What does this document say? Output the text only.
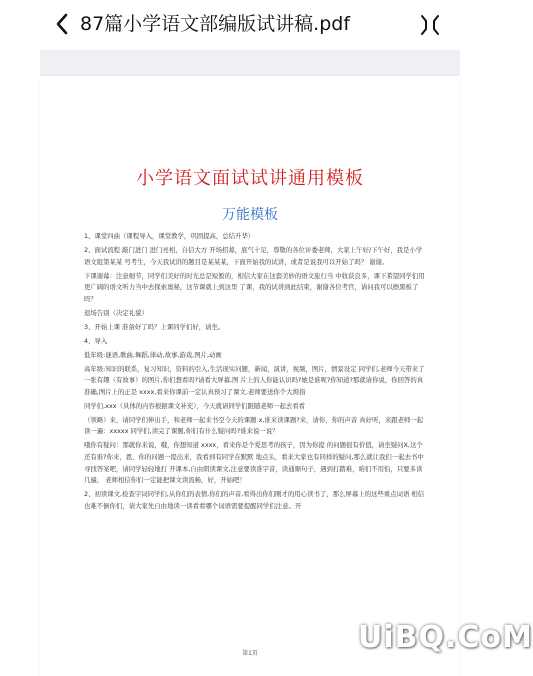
87篇小学语文部编版试讲稿.pdf
小学语文面试试讲通用模板
万能模板

1、课堂四曲（课程导入，课堂教学，巩固提高，总结升华）

2、面试流程 敲门进门 进门亮相，自信大方 开场招募，底气十足，尊敬的各位评委老师，大家上午好/下午好，我是小学语文组第某某 号考生，今天我试讲的题目是某某某，下面开始我的试讲，或者是说我可以开始了吗？ 谢谢。

下课谢幕：注意细节，同学们美好的时光总是短暂的，相信大家在这套美妙的语文旅行当 中收获良多，课下希望同学们用更广阔的语文听力当中去探索奥秘，这节课就上到这里 了课，我的试讲到此结束，谢谢各位考官，请问我可以擦黑板了吗？

退场告别（决定礼貌）

3、开始上课 准备好了吗？上课同学们好，请坐。

4、导入

低年级:谜语,歌曲,舞蹈,律动,故事,游戏,图片,动画

高年级:知识的联系，复习知识，资料的引入,生活现实问题，新闻，演讲，视频，图片，情景设定 同学们,老师今天带来了一张有趣（有故事）的图片,你们想看吗?请看大屏幕,图 片上的人你能认识吗?她是谁呢?你知道?那就请你说，你回答的真准确,图片上的正是 xxxx,看来你课前一定认真预习了课文,老师要送你个大拇指

同学们,xxx（具体的内容根据课文补充），今天就请同学们跟随老师一起去看看

（领略）来，请同学们伸出手，和老师一起来书空今天的课题 x,谁来读课题?来，请你，你的声音 真好听，来跟老师一起读一遍：xxxxx 同学们,读完了课题,你们有什么疑问吗?谁来说一说？

哦你有疑问：那就你来说，哦，你想知道 xxxx，看来你是个爱思考的孩子，因为你提 的问题很有价值，请坐疑问X,这个还有谁?你来，恩，你的问题一提出来，我看到有同学在默默 地点头，看来大家也有同样的疑问,那么就让我们一起去书中寻找答案吧，请同学轻轻地打 开课本,自由朗读课文,注意要读准字音，读通顺句子，遇到打踏难，咱们不用怕，只要多读几遍， 老师相信你们一定能把课文读流畅，好，开始吧！

2、初读课文,检查字词同学们,从你们的表情,你们的声音,看得出你们刚才的用心读书了，那么屏幕上的这些重点词语 相信也难不倒你们，请大家先自由地读一读看看哪个词语需要提醒同学们注意。开

第1页	UiBQ.CoM
